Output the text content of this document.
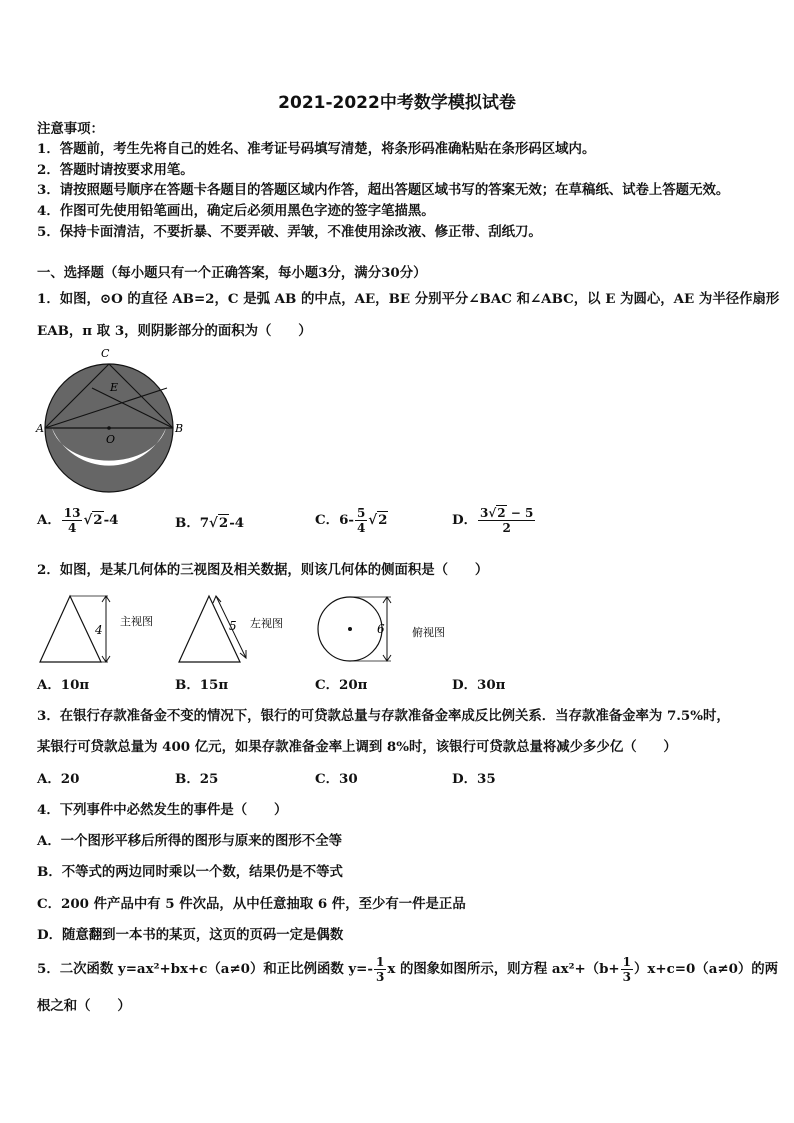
2021-2022中考数学模拟试卷
注意事项：
1．答题前，考生先将自己的姓名、准考证号码填写清楚，将条形码准确粘贴在条形码区域内。
2．答题时请按要求用笔。
3．请按照题号顺序在答题卡各题目的答题区域内作答，超出答题区域书写的答案无效；在草稿纸、试卷上答题无效。
4．作图可先使用铅笔画出，确定后必须用黑色字迹的签字笔描黑。
5．保持卡面清洁，不要折暴、不要弄破、弄皱，不准使用涂改液、修正带、刮纸刀。
一、选择题（每小题只有一个正确答案，每小题3分，满分30分）
1．如图，⊙O 的直径 AB=2，C 是弧 AB 的中点，AE，BE 分别平分∠BAC 和∠ABC，以 E 为圆心，AE 为半径作扇形
EAB，π 取 3，则阴影部分的面积为（　　）
C
E
A	B
O
A． $\frac{13}{4} √2-4$	B．7√2-4	C．$6- \frac{5}{4} √2$	D． $\frac{3√2 - 5}{2}$
2．如图，是某几何体的三视图及相关数据，则该几何体的侧面积是（　　）
4
主视图	5 左视图	6 俯视图
A．10π	B．15π	C．20π	D．30π
3．在银行存款准备金不变的情况下，银行的可贷款总量与存款准备金率成反比例关系．当存款准备金率为 7.5%时，
某银行可贷款总量为 400 亿元，如果存款准备金率上调到 8%时，该银行可贷款总量将减少多少亿（　　）
A．20	B．25	C．30	D．35
4．下列事件中必然发生的事件是（　　）
A．一个图形平移后所得的图形与原来的图形不全等
B．不等式的两边同时乘以一个数，结果仍是不等式
C．200 件产品中有 5 件次品，从中任意抽取 6 件，至少有一件是正品
D．随意翻到一本书的某页，这页的页码一定是偶数
5．二次函数 y=ax²+bx+c（a≠0）和正比例函数 $y=- \frac{1}{3}$ x 的图象如图所示，则方程 $ax^2+(b+ \frac{1}{3} )x+c=0(a\ne 0)$的两
根之和（　　）
